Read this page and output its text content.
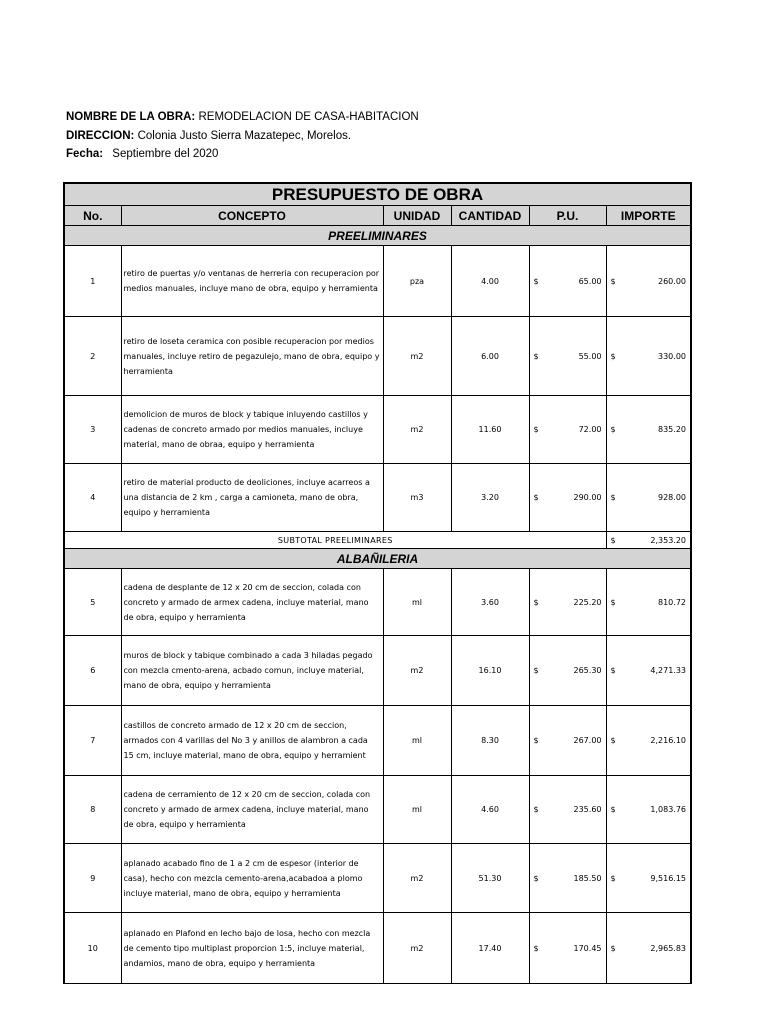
NOMBRE DE LA OBRA: REMODELACION DE CASA-HABITACION
DIRECCION: Colonia Justo Sierra Mazatepec, Morelos.
Fecha: Septiembre del 2020
PRESUPUESTO DE OBRA					
No.	CONCEPTO	UNIDAD	CANTIDAD	P.U.	IMPORTE
PREELIMINARES					
1	retiro de puertas y/o ventanas de herreria con recuperacion por medios manuales, incluye mano de obra, equipo y herramienta	pza	4.00	$ 65.00	$ 260.00

2	retiro de loseta ceramica con posible recuperacion por medios manuales, incluye retiro de pegazulejo, mano de obra, equipo y herramienta	m2	6.00	$ 55.00	$ 330.00

3	demolicion de muros de block y tabique inluyendo castillos y cadenas de concreto armado por medios manuales, incluye material, mano de obraa, equipo y herramienta	m2	11.60	$ 72.00	$ 835.20

4	retiro de material producto de deoliciones, incluye acarreos a una distancia de 2 km , carga a camioneta, mano de obra, equipo y herramienta	m3	3.20	$ 290.00	$ 928.00

SUBTOTAL PREELIMINARES					$ 2,353.20

ALBAÑILERIA					
5	cadena de desplante de 12 x 20 cm de seccion, colada con concreto y armado de armex cadena, incluye material, mano de obra, equipo y herramienta	ml	3.60	$ 225.20	$ 810.72

6	muros de block y tabique combinado a cada 3 hiladas pegado con mezcla cmento-arena, acbado comun, incluye material, mano de obra, equipo y herramienta	m2	16.10	$ 265.30	$ 4,271.33

7	castillos de concreto armado de 12 x 20 cm de seccion, armados con 4 varillas del No 3 y anillos de alambron a cada 15 cm, incluye material, mano de obra, equipo y herramient	ml	8.30	$ 267.00	$ 2,216.10

8	cadena de cerramiento de 12 x 20 cm de seccion, colada con concreto y armado de armex cadena, incluye material, mano de obra, equipo y herramienta	ml	4.60	$ 235.60	$ 1,083.76

9	aplanado acabado fino de 1 a 2 cm de espesor (interior de casa), hecho con mezcla cemento-arena,acabadoa a plomo incluye material, mano de obra, equipo y herramienta	m2	51.30	$ 185.50	$ 9,516.15

10	aplanado en Plafond en lecho bajo de losa, hecho con mezcla de cemento tipo multiplast proporcion 1:5, incluye material, andamios, mano de obra, equipo y herramienta	m2	17.40	$ 170.45	$ 2,965.83
